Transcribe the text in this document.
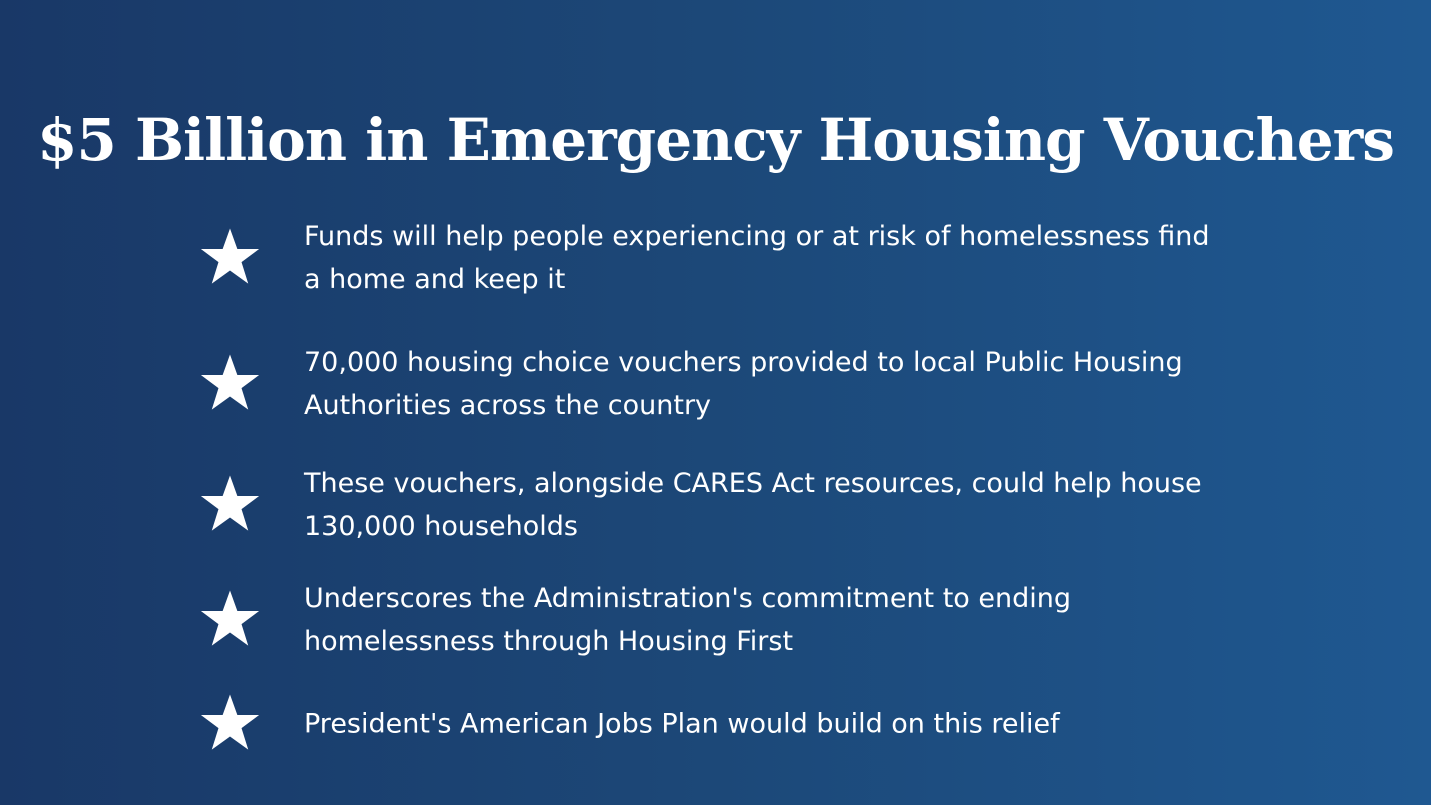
$5 Billion in Emergency Housing Vouchers
Funds will help people experiencing or at risk of homelessness find a home and keep it
70,000 housing choice vouchers provided to local Public Housing Authorities across the country
These vouchers, alongside CARES Act resources, could help house 130,000 households
Underscores the Administration's commitment to ending homelessness through Housing First
President's American Jobs Plan would build on this relief
